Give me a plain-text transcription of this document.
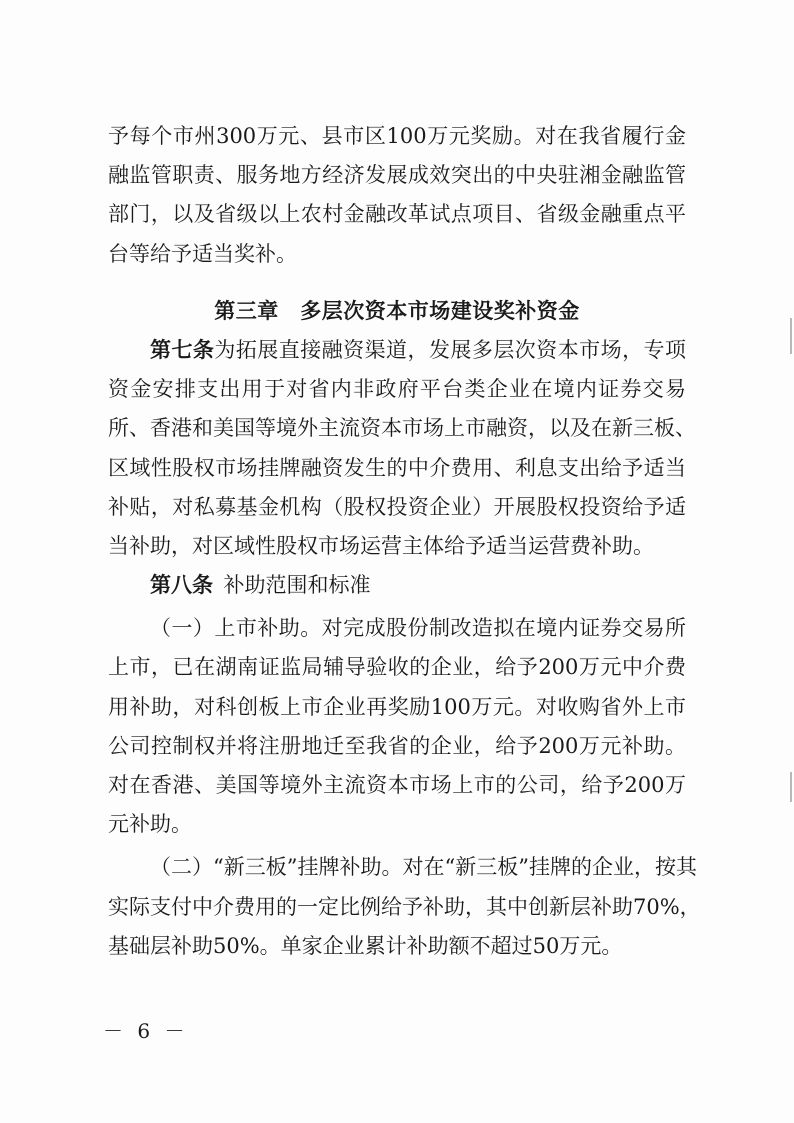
予每个市州300万元、县市区100万元奖励。对在我省履行金
融监管职责、服务地方经济发展成效突出的中央驻湘金融监管
部门，以及省级以上农村金融改革试点项目、省级金融重点平
台等给予适当奖补。
第三章　多层次资本市场建设奖补资金
第七条为拓展直接融资渠道，发展多层次资本市场，专项
资金安排支出用于对省内非政府平台类企业在境内证券交易
所、香港和美国等境外主流资本市场上市融资，以及在新三板、
区域性股权市场挂牌融资发生的中介费用、利息支出给予适当
补贴，对私募基金机构（股权投资企业）开展股权投资给予适
当补助，对区域性股权市场运营主体给予适当运营费补助。
第八条  补助范围和标准
（一）上市补助。对完成股份制改造拟在境内证券交易所
上市，已在湖南证监局辅导验收的企业，给予200万元中介费
用补助，对科创板上市企业再奖励100万元。对收购省外上市
公司控制权并将注册地迁至我省的企业，给予200万元补助。
对在香港、美国等境外主流资本市场上市的公司，给予200万
元补助。
（二）“新三板”挂牌补助。对在“新三板”挂牌的企业，按其
实际支付中介费用的一定比例给予补助，其中创新层补助70%，
基础层补助50%。单家企业累计补助额不超过50万元。
－ 6 －
